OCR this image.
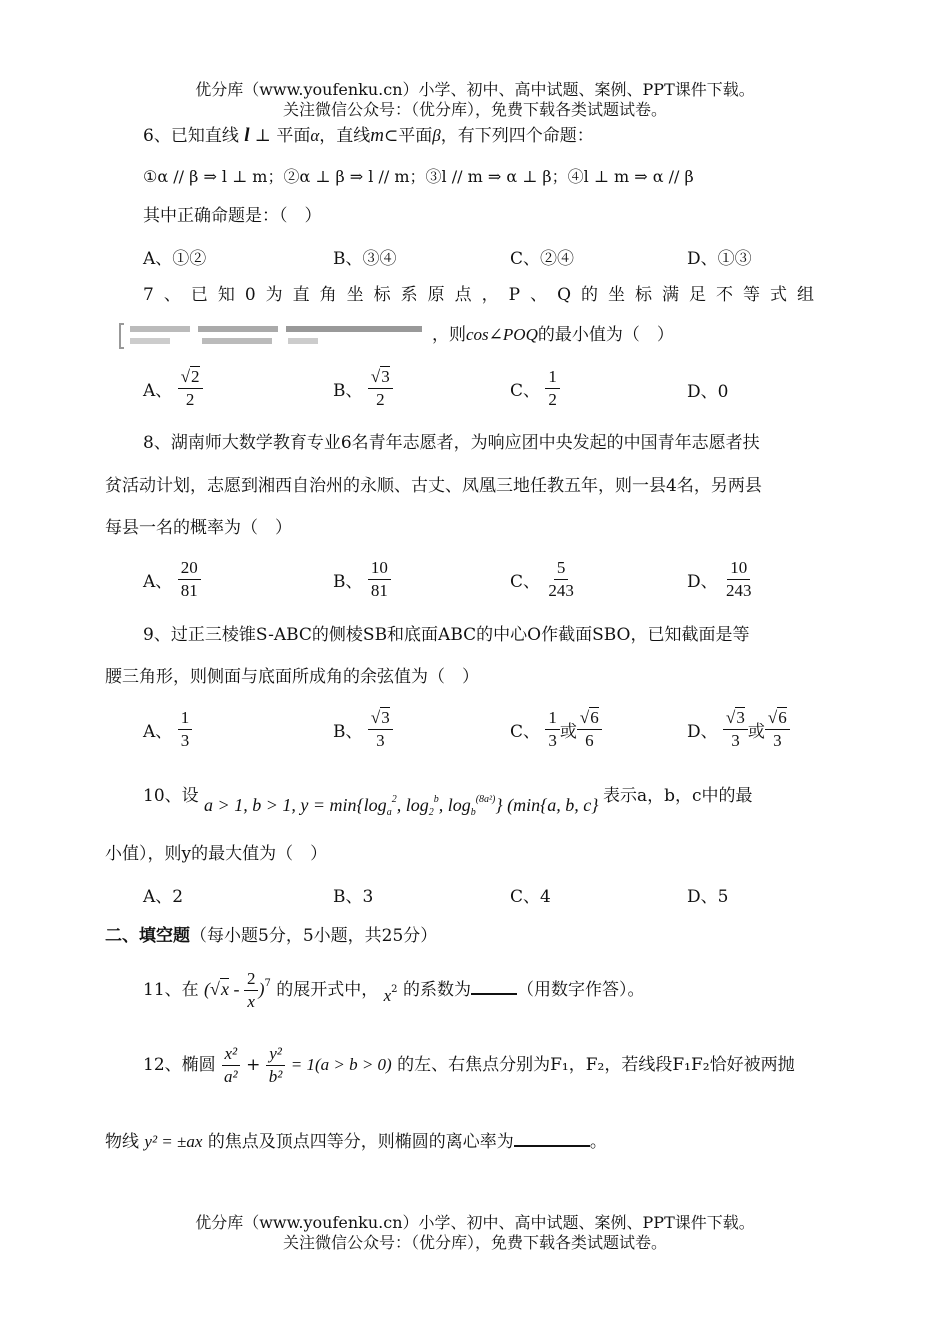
优分库（www.youfenku.cn）小学、初中、高中试题、案例、PPT课件下载。
关注微信公众号：（优分库），免费下载各类试题试卷。
6、已知直线 l ⊥ 平面α，直线m⊂平面β，有下列四个命题：
①α // β ⇒ l ⊥ m；②α ⊥ β ⇒ l // m；③l // m ⇒ α ⊥ β；④l ⊥ m ⇒ α // β
其中正确命题是：（　）
A、①②	B、③④	C、②④	D、①③
7、已知0为直角坐标系原点，P、Q的坐标满足不等式组
，则cos∠POQ的最小值为（　）
A、 $\frac{√2}{2}$	B、 $\frac{√3}{2}$	C、 $\frac{1}{2}$	D、0
8、湖南师大数学教育专业6名青年志愿者，为响应团中央发起的中国青年志愿者扶
贫活动计划，志愿到湘西自治州的永顺、古丈、凤凰三地任教五年，则一县4名，另两县
每县一名的概率为（　）
A、 $\frac{20}{81}$	B、 $\frac{10}{81}$	C、 $\frac{5}{243}$	D、 $\frac{10}{243}$
9、过正三棱锥S-ABC的侧棱SB和底面ABC的中心O作截面SBO，已知截面是等
腰三角形，则侧面与底面所成角的余弦值为（　）
A、 $\frac{1}{3}$	B、 $\frac{√3}{3}$	C、 $\frac{1}{3}$ 或 $\frac{√6}{6}$	D、 $\frac{√3}{3}$ 或 $\frac{√6}{3}$
10、设 a > 1, b > 1, $y = \min\{\log_a^2$, $\log_2^b$, $\log_b^{(8a^2)}$} (min{a, b, c} 表示a，b，c中的最
小值），则y的最大值为（　）
A、2	B、3	C、4	D、5
二、填空题（每小题5分，5小题，共25分）
11、在 $(√x - \frac{2}{x} )^7$ 的展开式中， $x^2$ 的系数为	（用数字作答）。
12、椭圆 $\frac{\text{x²}}{\text{a²}} + \frac{\text{y²}}{\text{b²}} = 1(a > b > 0)$ 的左、右焦点分别为F₁，F₂，若线段F₁F₂恰好被两抛
物线 y² = ±ax 的焦点及顶点四等分，则椭圆的离心率为	。
优分库（www.youfenku.cn）小学、初中、高中试题、案例、PPT课件下载。
关注微信公众号：（优分库），免费下载各类试题试卷。
